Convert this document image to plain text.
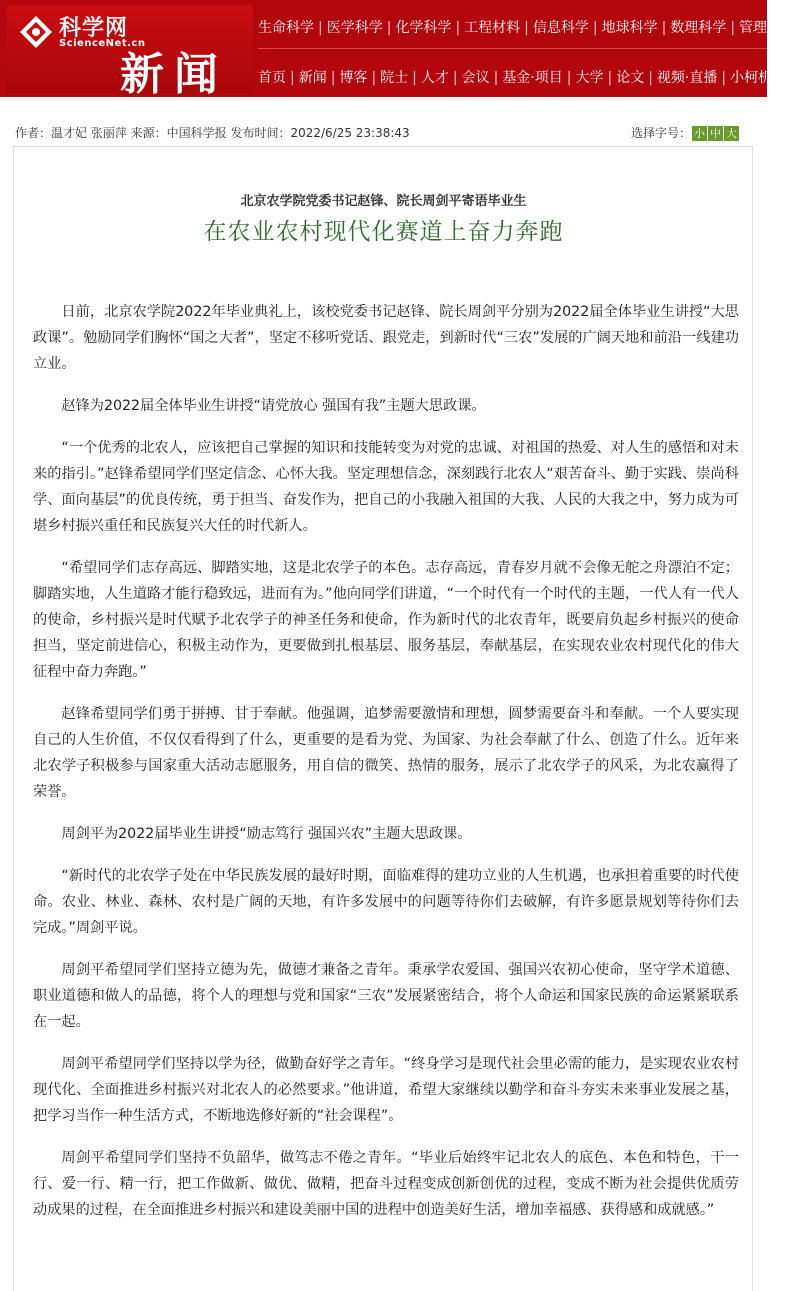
科学网
ScienceNet.cn
新闻
生命科学 | 医学科学 | 化学科学 | 工程材料 | 信息科学 | 地球科学 | 数理科学 | 管理综合
首页 | 新闻 | 博客 | 院士 | 人才 | 会议 | 基金·项目 | 大学 | 论文 | 视频·直播 | 小柯机器人
作者：温才妃 张丽萍 来源：中国科学报 发布时间：2022/6/25 23:38:43	选择字号： 小 中 大
北京农学院党委书记赵锋、院长周剑平寄语毕业生
在农业农村现代化赛道上奋力奔跑

日前，北京农学院2022年毕业典礼上，该校党委书记赵锋、院长周剑平分别为2022届全体毕业生讲授“大思政课”。勉励同学们胸怀“国之大者”，坚定不移听党话、跟党走，到新时代“三农”发展的广阔天地和前沿一线建功立业。

赵锋为2022届全体毕业生讲授“请党放心 强国有我”主题大思政课。

“一个优秀的北农人，应该把自己掌握的知识和技能转变为对党的忠诚、对祖国的热爱、对人生的感悟和对未来的指引。”赵锋希望同学们坚定信念、心怀大我。坚定理想信念，深刻践行北农人“艰苦奋斗、勤于实践、崇尚科学、面向基层”的优良传统，勇于担当、奋发作为，把自己的小我融入祖国的大我、人民的大我之中，努力成为可堪乡村振兴重任和民族复兴大任的时代新人。

“希望同学们志存高远、脚踏实地，这是北农学子的本色。志存高远，青春岁月就不会像无舵之舟漂泊不定；脚踏实地，人生道路才能行稳致远，进而有为。”他向同学们讲道，“一个时代有一个时代的主题，一代人有一代人的使命，乡村振兴是时代赋予北农学子的神圣任务和使命，作为新时代的北农青年，既要肩负起乡村振兴的使命担当，坚定前进信心，积极主动作为，更要做到扎根基层、服务基层，奉献基层，在实现农业农村现代化的伟大征程中奋力奔跑。”

赵锋希望同学们勇于拼搏、甘于奉献。他强调，追梦需要激情和理想，圆梦需要奋斗和奉献。一个人要实现自己的人生价值，不仅仅看得到了什么，更重要的是看为党、为国家、为社会奉献了什么、创造了什么。近年来北农学子积极参与国家重大活动志愿服务，用自信的微笑、热情的服务，展示了北农学子的风采，为北农赢得了荣誉。

周剑平为2022届毕业生讲授“励志笃行 强国兴农”主题大思政课。

“新时代的北农学子处在中华民族发展的最好时期，面临难得的建功立业的人生机遇，也承担着重要的时代使命。农业、林业、森林、农村是广阔的天地，有许多发展中的问题等待你们去破解，有许多愿景规划等待你们去完成。”周剑平说。

周剑平希望同学们坚持立德为先，做德才兼备之青年。秉承学农爱国、强国兴农初心使命，坚守学术道德、职业道德和做人的品德，将个人的理想与党和国家“三农”发展紧密结合，将个人命运和国家民族的命运紧紧联系在一起。

周剑平希望同学们坚持以学为径，做勤奋好学之青年。“终身学习是现代社会里必需的能力，是实现农业农村现代化、全面推进乡村振兴对北农人的必然要求。”他讲道，希望大家继续以勤学和奋斗夯实未来事业发展之基，把学习当作一种生活方式，不断地选修好新的“社会课程”。

周剑平希望同学们坚持不负韶华，做笃志不倦之青年。“毕业后始终牢记北农人的底色、本色和特色，干一行、爱一行、精一行，把工作做新、做优、做精，把奋斗过程变成创新创优的过程，变成不断为社会提供优质劳动成果的过程，在全面推进乡村振兴和建设美丽中国的进程中创造美好生活，增加幸福感、获得感和成就感。”
